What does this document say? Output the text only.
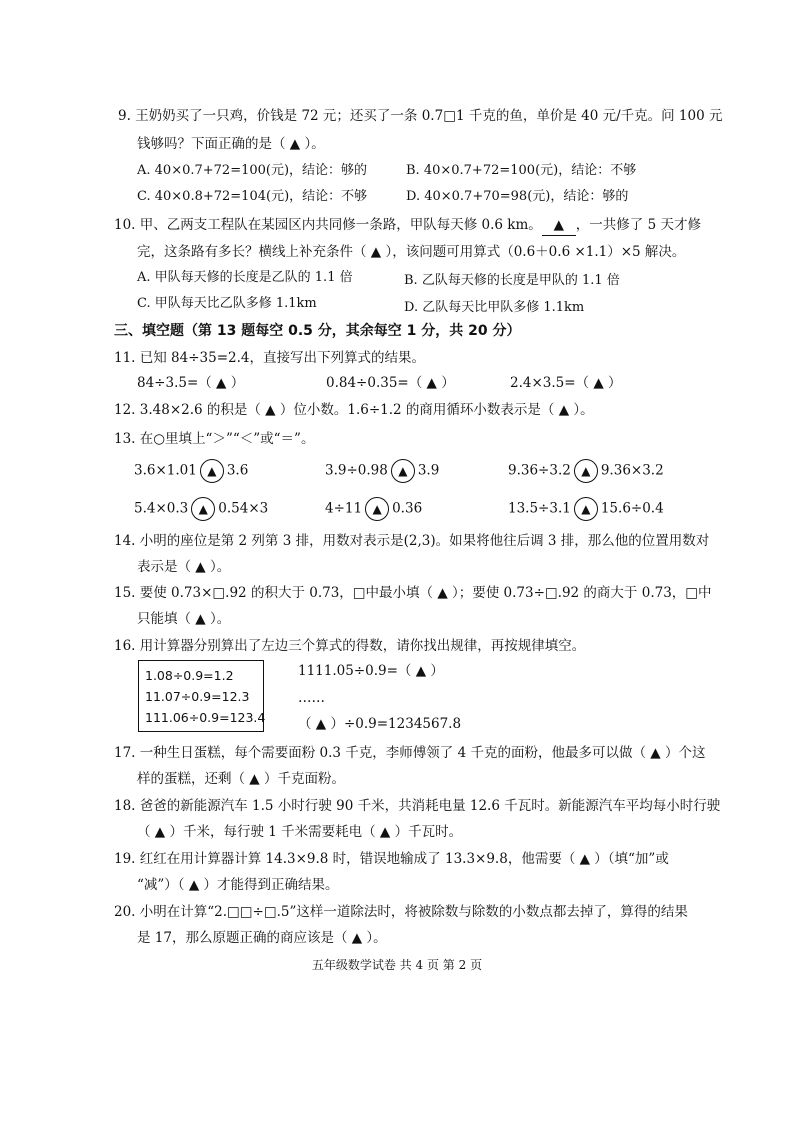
9. 王奶奶买了一只鸡，价钱是 72 元；还买了一条 0.7□1 千克的鱼，单价是 40 元/千克。问 100 元
钱够吗？下面正确的是（ ▲ ）。
A. 40×0.7+72=100(元)，结论：够的	B. 40×0.7+72=100(元)，结论：不够
C. 40×0.8+72=104(元)，结论：不够	D. 40×0.7+70=98(元)，结论：够的
10. 甲、乙两支工程队在某园区内共同修一条路，甲队每天修 0.6 km。 ▲ ，一共修了 5 天才修
完，这条路有多长？横线上补充条件（ ▲ ），该问题可用算式（0.6＋0.6 ×1.1）×5 解决。
A. 甲队每天修的长度是乙队的 1.1 倍	B. 乙队每天修的长度是甲队的 1.1 倍
C. 甲队每天比乙队多修 1.1km	D. 乙队每天比甲队多修 1.1km
三、填空题（第 13 题每空 0.5 分，其余每空 1 分，共 20 分）
11. 已知 84÷35=2.4，直接写出下列算式的结果。
84÷3.5=（ ▲ ）	0.84÷0.35=（ ▲ ）	2.4×3.5=（ ▲ ）
12. 3.48×2.6 的积是（ ▲ ）位小数。1.6÷1.2 的商用循环小数表示是（ ▲ ）。
13. 在○里填上“＞”“＜”或“＝”。
3.6×1.01 ▲ 3.6	3.9÷0.98 ▲ 3.9	9.36÷3.2 ▲ 9.36×3.2
5.4×0.3 ▲ 0.54×3	4÷11 ▲ 0.36̇	13.5÷3.1 ▲ 15.6÷0.4
14. 小明的座位是第 2 列第 3 排，用数对表示是(2,3)。如果将他往后调 3 排，那么他的位置用数对
表示是（ ▲ ）。
15. 要使 0.73×□.92 的积大于 0.73，□中最小填（ ▲ ）；要使 0.73÷□.92 的商大于 0.73，□中
只能填（ ▲ ）。
16. 用计算器分别算出了左边三个算式的得数，请你找出规律，再按规律填空。
1.08÷0.9=1.2
11.07÷0.9=12.3
111.06÷0.9=123.4
1111.05÷0.9=（ ▲ ）
……
（ ▲ ）÷0.9=1234567.8
17. 一种生日蛋糕，每个需要面粉 0.3 千克，李师傅领了 4 千克的面粉，他最多可以做（ ▲ ）个这
样的蛋糕，还剩（ ▲ ）千克面粉。
18. 爸爸的新能源汽车 1.5 小时行驶 90 千米，共消耗电量 12.6 千瓦时。新能源汽车平均每小时行驶
（ ▲ ）千米，每行驶 1 千米需要耗电（ ▲ ）千瓦时。
19. 红红在用计算器计算 14.3×9.8 时，错误地输成了 13.3×9.8，他需要（ ▲ ）（填“加”或
“减”）（ ▲ ）才能得到正确结果。
20. 小明在计算“2.□□÷□.5”这样一道除法时，将被除数与除数的小数点都去掉了，算得的结果
是 17，那么原题正确的商应该是（ ▲ ）。
五年级数学试卷 共 4 页 第 2 页
